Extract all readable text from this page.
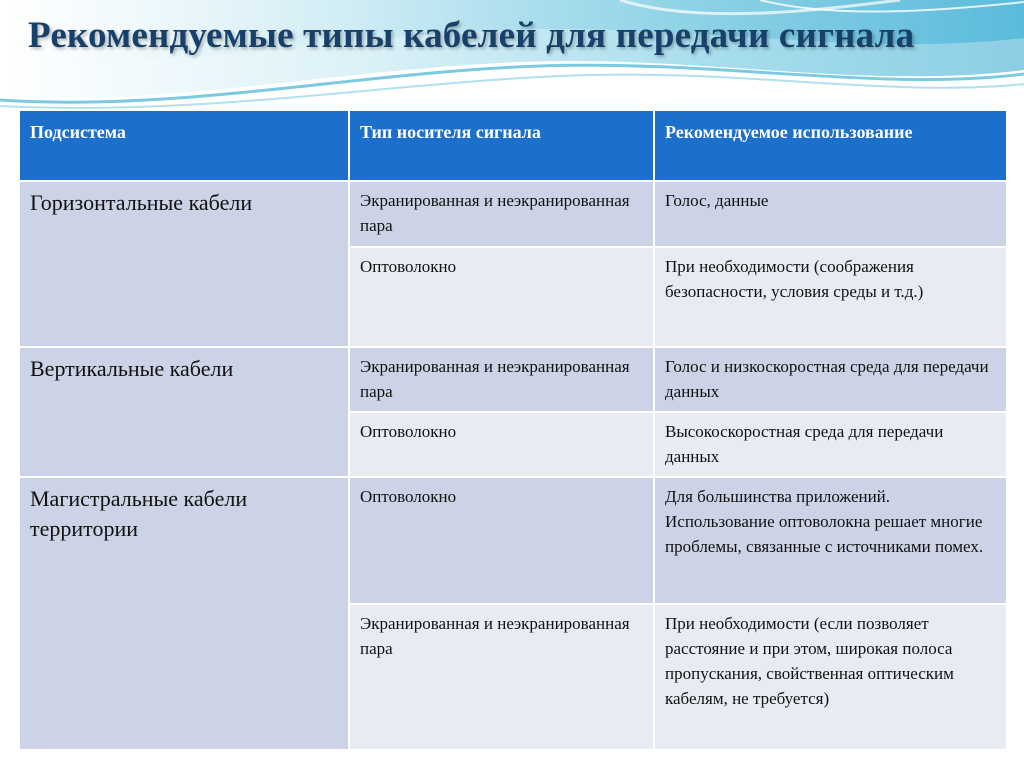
Рекомендуемые типы кабелей для передачи сигнала
Подсистема	Тип носителя сигнала	Рекомендуемое использование
Горизонтальные кабели	Экранированная и неэкранированная пара	Голос, данные
	Оптоволокно	При необходимости (соображения безопасности, условия среды и т.д.)
Вертикальные кабели	Экранированная и неэкранированная пара	Голос и низкоскоростная среда для передачи данных
	Оптоволокно	Высокоскоростная среда для передачи данных
Магистральные кабели территории	Оптоволокно	Для большинства приложений. Использование оптоволокна решает многие проблемы, связанные с источниками помех.
	Экранированная и неэкранированная пара	При необходимости (если позволяет расстояние и при этом, широкая полоса пропускания, свойственная оптическим кабелям, не требуется)
